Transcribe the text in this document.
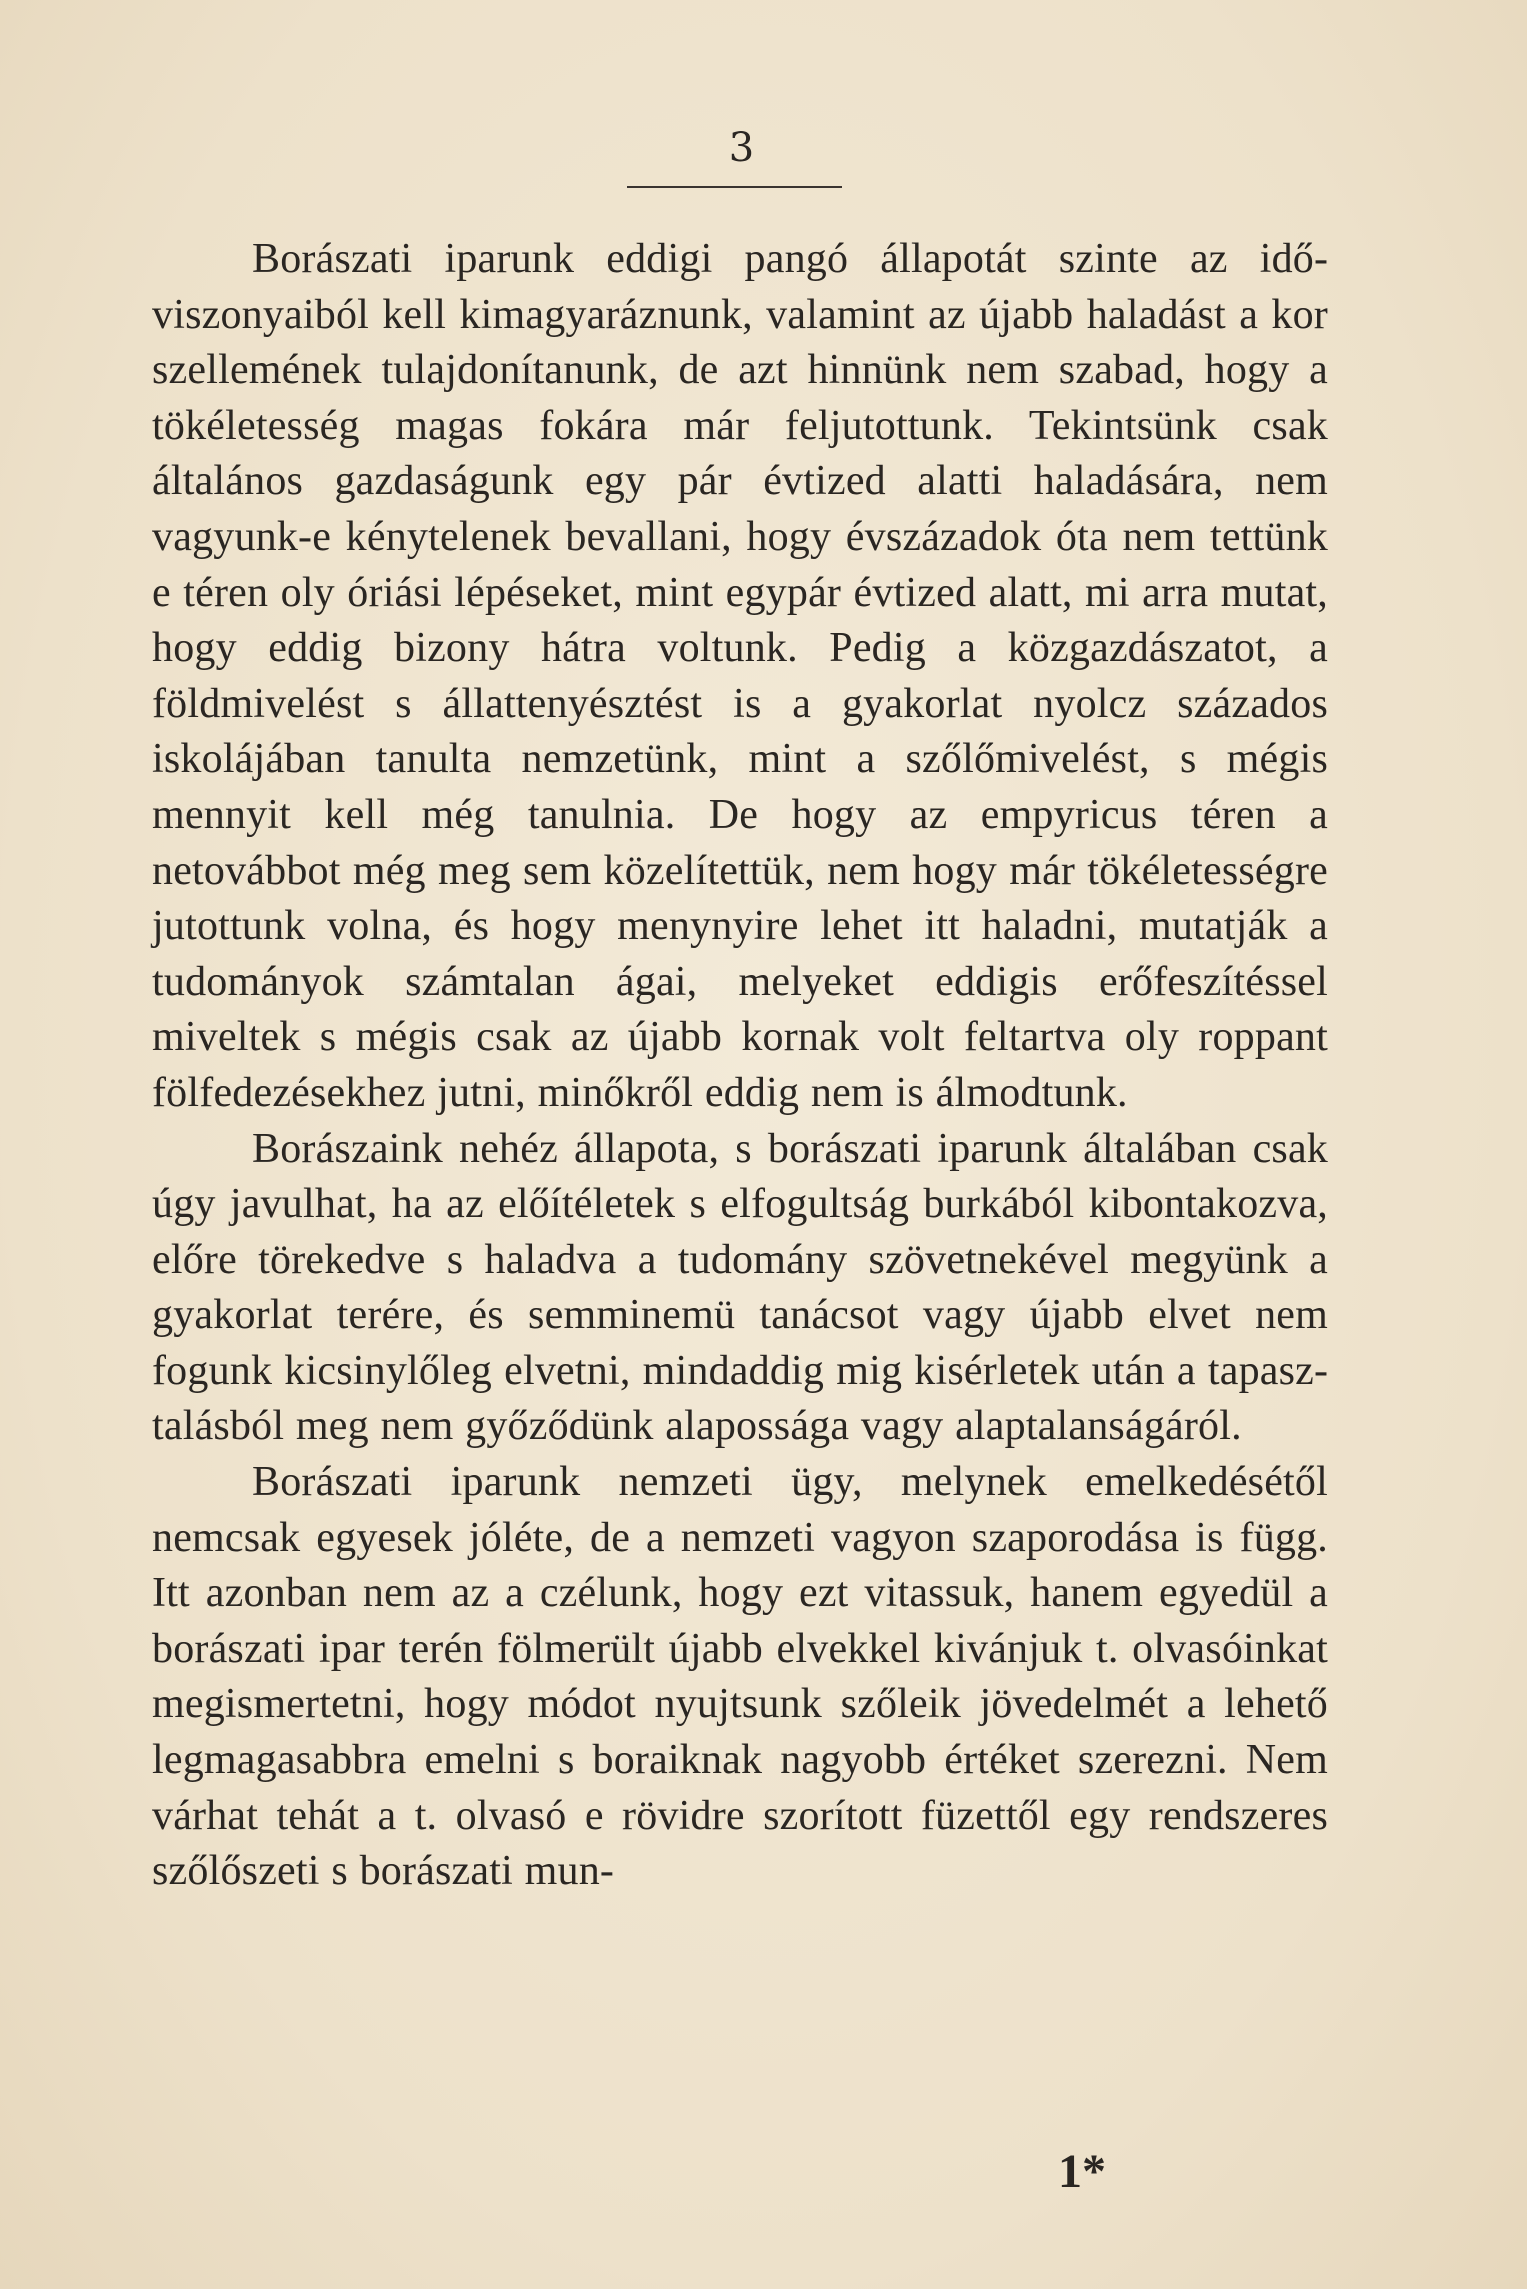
3

Borászati iparunk eddigi pangó állapotát szinte az időviszonyaiból kell kimagyaráznunk, valamint az újabb haladást a kor szellemének tulajdonítanunk, de azt hinnünk nem szabad, hogy a tökéletesség magas fokára már feljutottunk. Tekintsünk csak általános gazdaságunk egy pár évtized alatti haladására, nem vagyunk-e kénytelenek bevallani, hogy évszázadok óta nem tettünk e téren oly óriási lépéseket, mint egypár évtized alatt, mi arra mutat, hogy eddig bizony hátra voltunk. Pedig a közgazdászatot, a földmivelést s állattenyésztést is a gyakorlat nyolcz százados iskolájában tanulta nemzetünk, mint a szőlőmivelést, s mégis mennyit kell még tanulnia. De hogy az empyricus téren a netovábbot még meg sem közelítettük, nem hogy már tökéletességre jutottunk volna, és hogy menynyire lehet itt haladni, mutatják a tudományok számtalan ágai, melyeket eddigis erőfeszítéssel miveltek s mégis csak az újabb kornak volt feltartva oly roppant fölfedezésekhez jutni, minőkről eddig nem is álmodtunk.

Borászaink nehéz állapota, s borászati iparunk általában csak úgy javulhat, ha az előítéletek s elfogultság burkából kibontakozva, előre törekedve s haladva a tudomány szövetnekével megyünk a gyakorlat terére, és semminemü tanácsot vagy újabb elvet nem fogunk kicsinylőleg elvetni, mindaddig mig kisérletek után a tapasztalásból meg nem győződünk alapossága vagy alaptalanságáról.

Borászati iparunk nemzeti ügy, melynek emelkedésétől nemcsak egyesek jóléte, de a nemzeti vagyon szaporodása is függ. Itt azonban nem az a czélunk, hogy ezt vitassuk, hanem egyedül a borászati ipar terén fölmerült újabb elvekkel kivánjuk t. olvasóinkat megismertetni, hogy módot nyujtsunk szőleik jövedelmét a lehető legmagasabbra emelni s boraiknak nagyobb értéket szerezni. Nem várhat tehát a t. olvasó e rövidre szorított füzettől egy rendszeres szőlőszeti s borászati mun-

1*
